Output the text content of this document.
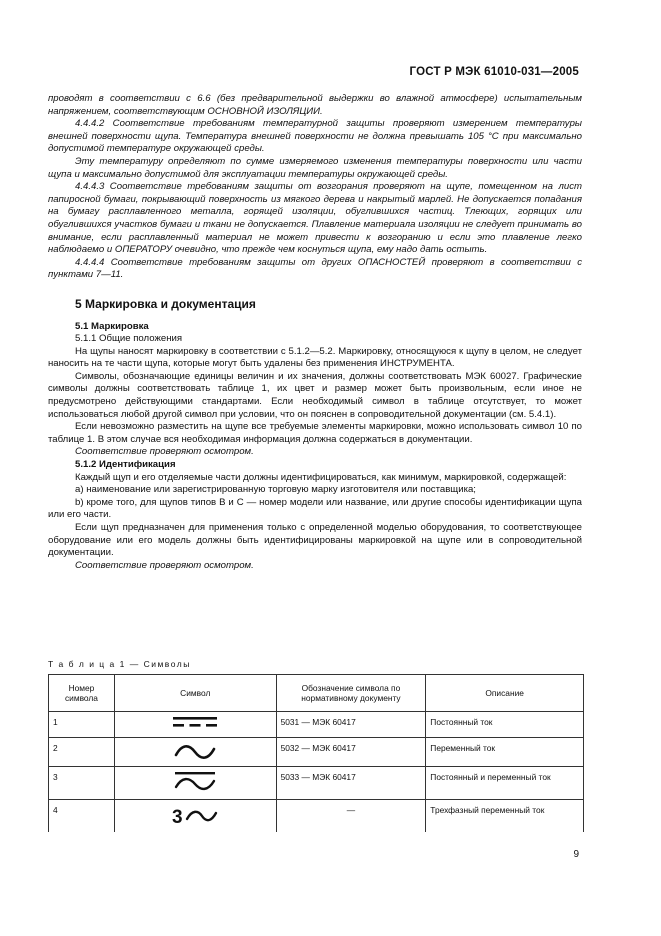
ГОСТ Р МЭК 61010-031—2005

проводят в соответствии с 6.6 (без предварительной выдержки во влажной атмосфере) испытательным напряжением, соответствующим ОСНОВНОЙ ИЗОЛЯЦИИ.

4.4.4.2 Соответствие требованиям температурной защиты проверяют измерением температуры внешней поверхности щупа. Температура внешней поверхности не должна превышать 105 °С при максимально допустимой температуре окружающей среды.

Эту температуру определяют по сумме измеряемого изменения температуры поверхности или части щупа и максимально допустимой для эксплуатации температуры окружающей среды.

4.4.4.3 Соответствие требованиям защиты от возгорания проверяют на щупе, помещенном на лист папиросной бумаги, покрывающий поверхность из мягкого дерева и накрытый марлей. Не допускается попадания на бумагу расплавленного металла, горящей изоляции, обуглившихся частиц. Тлеющих, горящих или обуглившихся участков бумаги и ткани не допускается. Плавление материала изоляции не следует принимать во внимание, если расплавленный материал не может привести к возгоранию и если это плавление легко наблюдаемо и ОПЕРАТОРУ очевидно, что прежде чем коснуться щупа, ему надо дать остыть.

4.4.4.4 Соответствие требованиям защиты от других ОПАСНОСТЕЙ проверяют в соответствии с пунктами 7—11.

5 Маркировка и документация

5.1 Маркировка

5.1.1 Общие положения

На щупы наносят маркировку в соответствии с 5.1.2—5.2. Маркировку, относящуюся к щупу в целом, не следует наносить на те части щупа, которые могут быть удалены без применения ИНСТРУМЕНТА.

Символы, обозначающие единицы величин и их значения, должны соответствовать МЭК 60027. Графические символы должны соответствовать таблице 1, их цвет и размер может быть произвольным, если иное не предусмотрено действующими стандартами. Если необходимый символ в таблице отсутствует, то может использоваться любой другой символ при условии, что он пояснен в сопроводительной документации (см. 5.4.1).

Если невозможно разместить на щупе все требуемые элементы маркировки, можно использовать символ 10 по таблице 1. В этом случае вся необходимая информация должна содержаться в документации.

Соответствие проверяют осмотром.

5.1.2 Идентификация

Каждый щуп и его отделяемые части должны идентифицироваться, как минимум, маркировкой, содержащей:

а) наименование или зарегистрированную торговую марку изготовителя или поставщика;

b) кроме того, для щупов типов В и С — номер модели или название, или другие способы идентификации щупа или его части.

Если щуп предназначен для применения только с определенной моделью оборудования, то соответствующее оборудование или его модель должны быть идентифицированы маркировкой на щупе или в сопроводительной документации.

Соответствие проверяют осмотром.

Т а б л и ц а 1 — Символы
Номер символа	Символ	Обозначение символа по нормативному документу	Описание
1		5031 — МЭК 60417	Постоянный ток
2		5032 — МЭК 60417	Переменный ток
3		5033 — МЭК 60417	Постоянный и переменный ток
4	3	—	Трехфазный переменный ток
9
